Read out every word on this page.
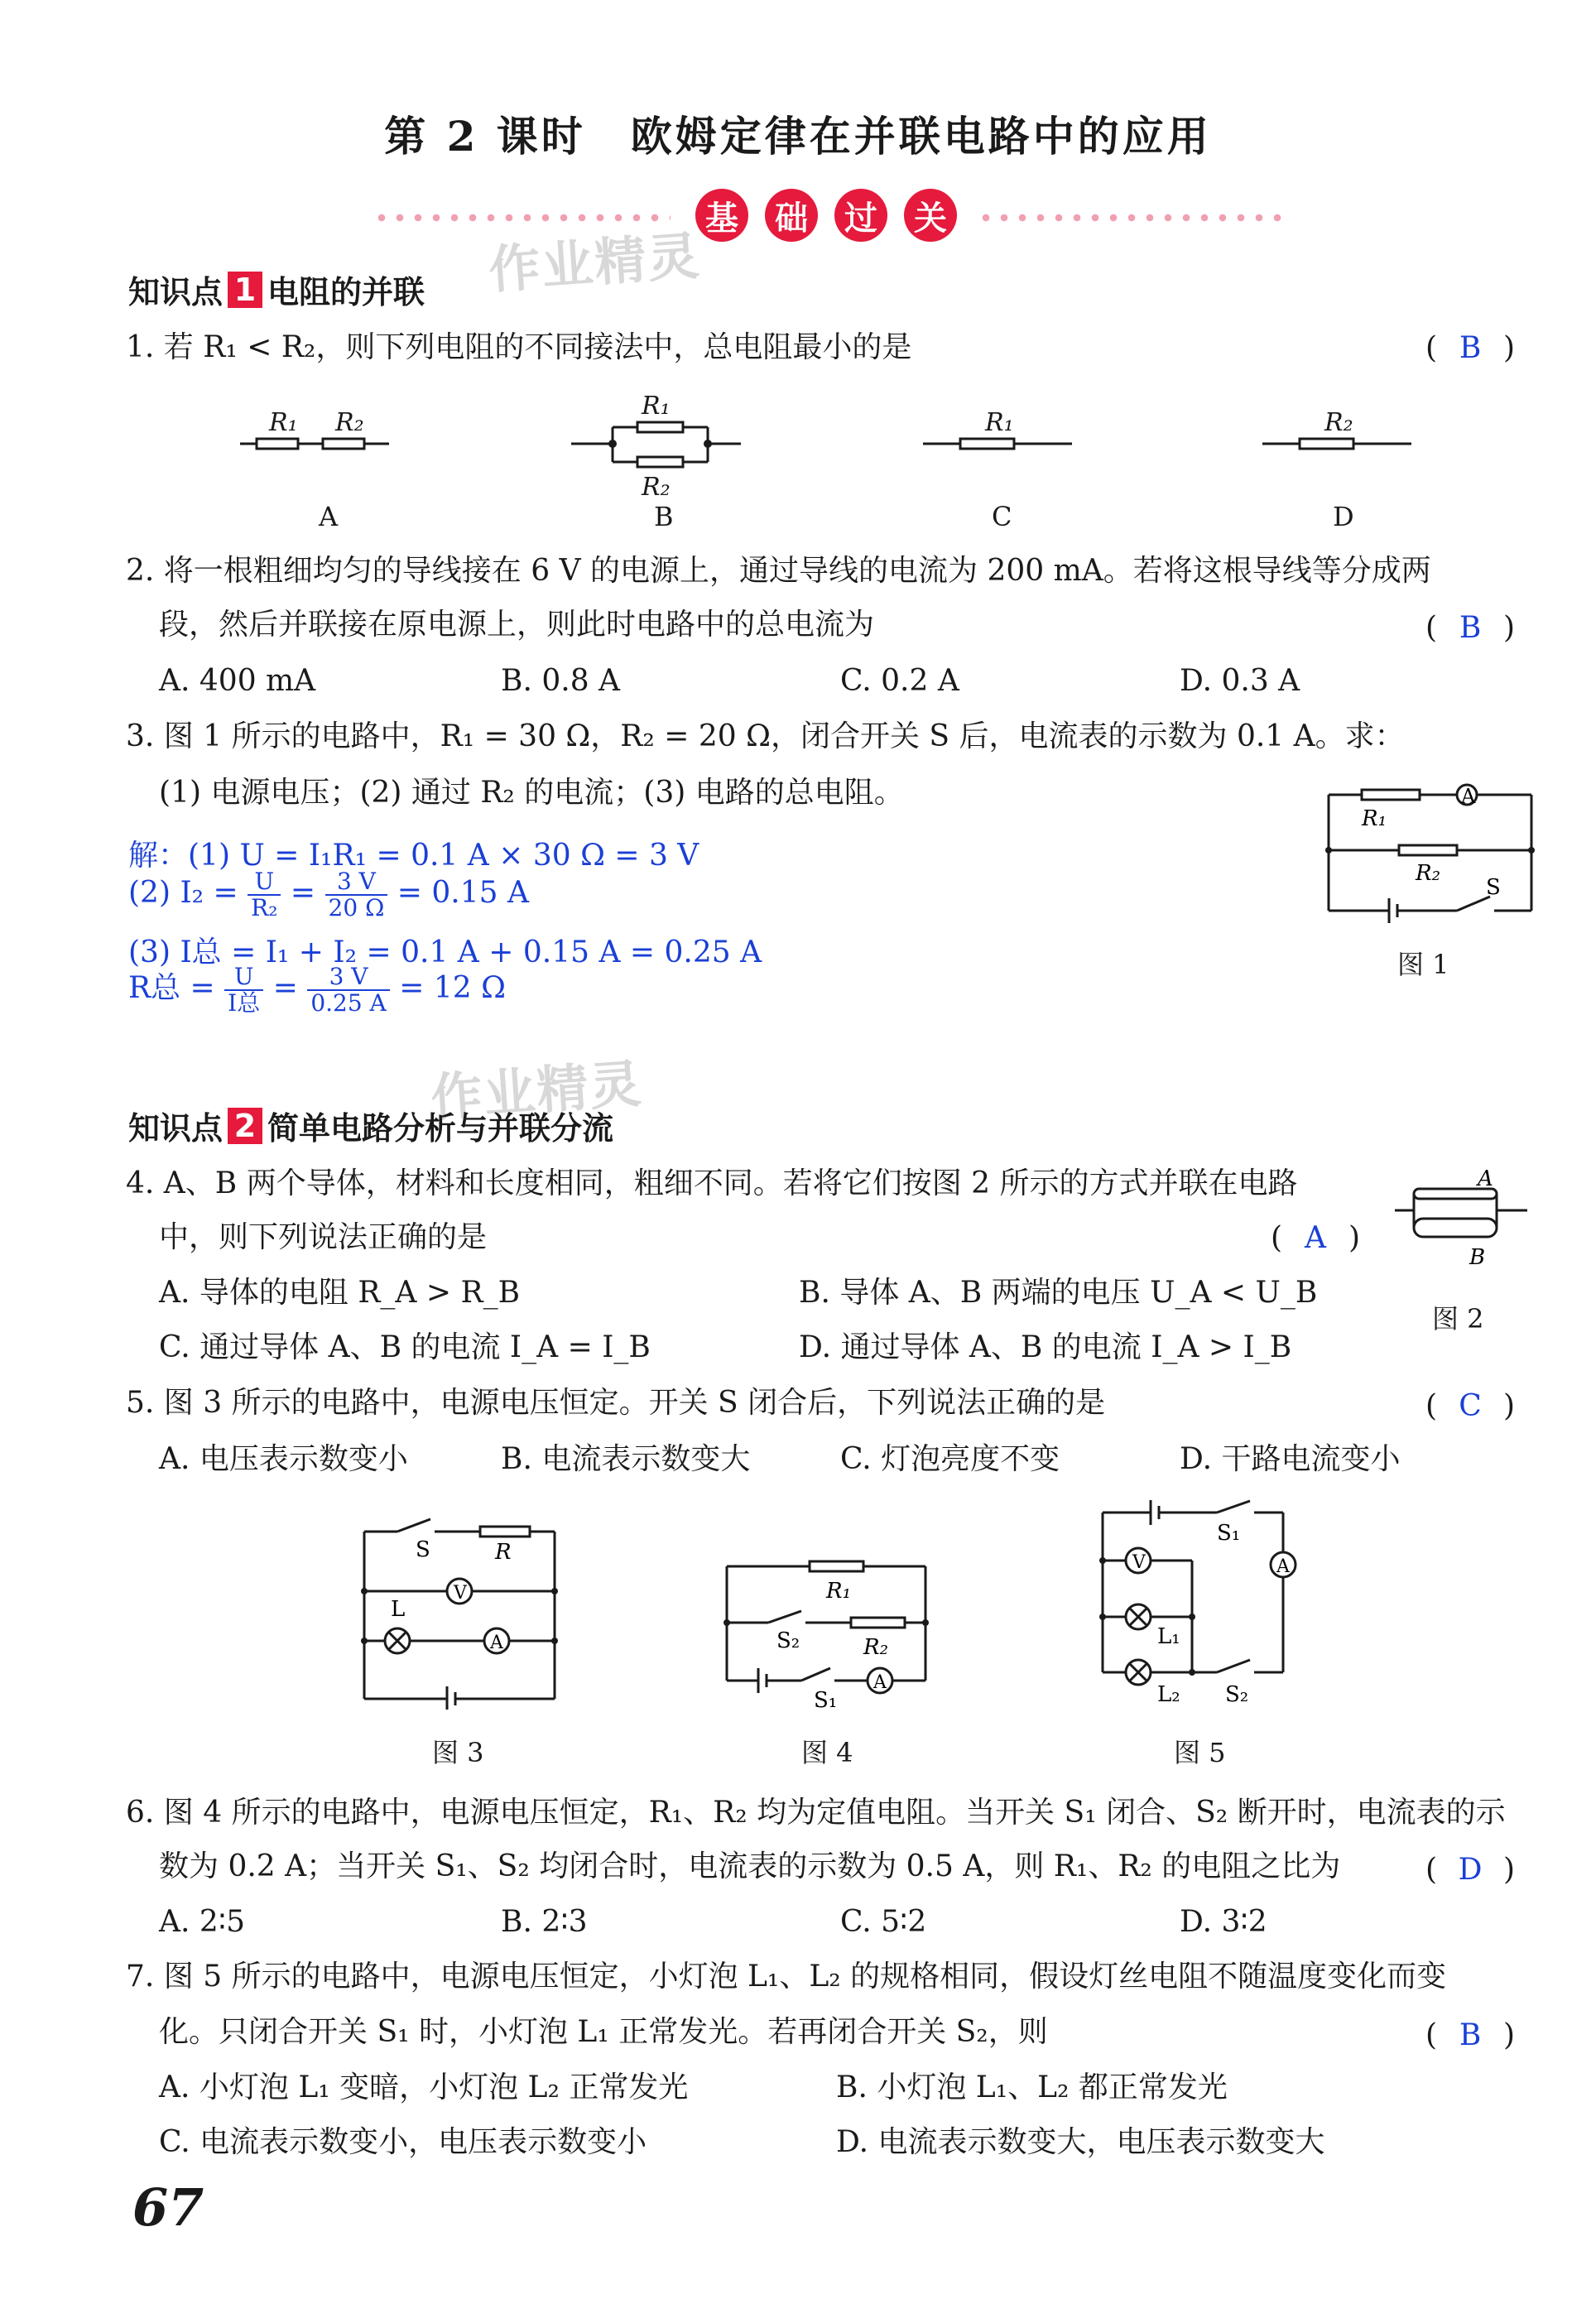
第 2 课时　欧姆定律在并联电路中的应用
基	础	过	关
作业精灵
作业精灵
知识点 1 电阻的并联
1. 若 R₁ < R₂，则下列电阻的不同接法中，总电阻最小的是	( B )
R₁ R₂
R₁
R₂
R₁	R₂
A	B	C	D
2. 将一根粗细均匀的导线接在 6 V 的电源上，通过导线的电流为 200 mA。若将这根导线等分成两
段，然后并联接在原电源上，则此时电路中的总电流为	( B )
A. 400 mA	B. 0.8 A	C. 0.2 A	D. 0.3 A
3. 图 1 所示的电路中，R₁ = 30 Ω，R₂ = 20 Ω，闭合开关 S 后，电流表的示数为 0.1 A。求：
(1) 电源电压；(2) 通过 R₂ 的电流；(3) 电路的总电阻。
解：(1) U = I₁R₁ = 0.1 A × 30 Ω = 3 V
(2) $I_2 = \frac{U}{\text{R₂}} = \frac{3 V}{20 \Omega} = 0.15$ A
(3) I总 = I₁ + I₂ = 0.1 A + 0.15 A = 0.25 A
R总 = $\frac{U}{\text{I总}} = \frac{3 V}{0.25 A} = 12$ Ω
A
R₁
R₂
S
图 1
知识点 2 简单电路分析与并联分流
4. A、B 两个导体，材料和长度相同，粗细不同。若将它们按图 2 所示的方式并联在电路
中，则下列说法正确的是	( A )
A. 导体的电阻 R_A > R_B	B. 导体 A、B 两端的电压 U_A < U_B
C. 通过导体 A、B 的电流 I_A = I_B	D. 通过导体 A、B 的电流 I_A > I_B
A
B
图 2
5. 图 3 所示的电路中，电源电压恒定。开关 S 闭合后，下列说法正确的是	( C )
A. 电压表示数变小	B. 电流表示数变大	C. 灯泡亮度不变	D. 干路电流变小
S	R
V
L
A
图 3
R₁
S₂	R₂
S₁
A
图 4
S₁
V	A
L₁
L₂ S₂
图 5
6. 图 4 所示的电路中，电源电压恒定，R₁、R₂ 均为定值电阻。当开关 S₁ 闭合、S₂ 断开时，电流表的示
数为 0.2 A；当开关 S₁、S₂ 均闭合时，电流表的示数为 0.5 A，则 R₁、R₂ 的电阻之比为	( D )
A. 2∶5	B. 2∶3	C. 5∶2	D. 3∶2
7. 图 5 所示的电路中，电源电压恒定，小灯泡 L₁、L₂ 的规格相同，假设灯丝电阻不随温度变化而变
化。只闭合开关 S₁ 时，小灯泡 L₁ 正常发光。若再闭合开关 S₂，则	( B )
A. 小灯泡 L₁ 变暗，小灯泡 L₂ 正常发光	B. 小灯泡 L₁、L₂ 都正常发光
C. 电流表示数变小，电压表示数变小	D. 电流表示数变大，电压表示数变大
67
